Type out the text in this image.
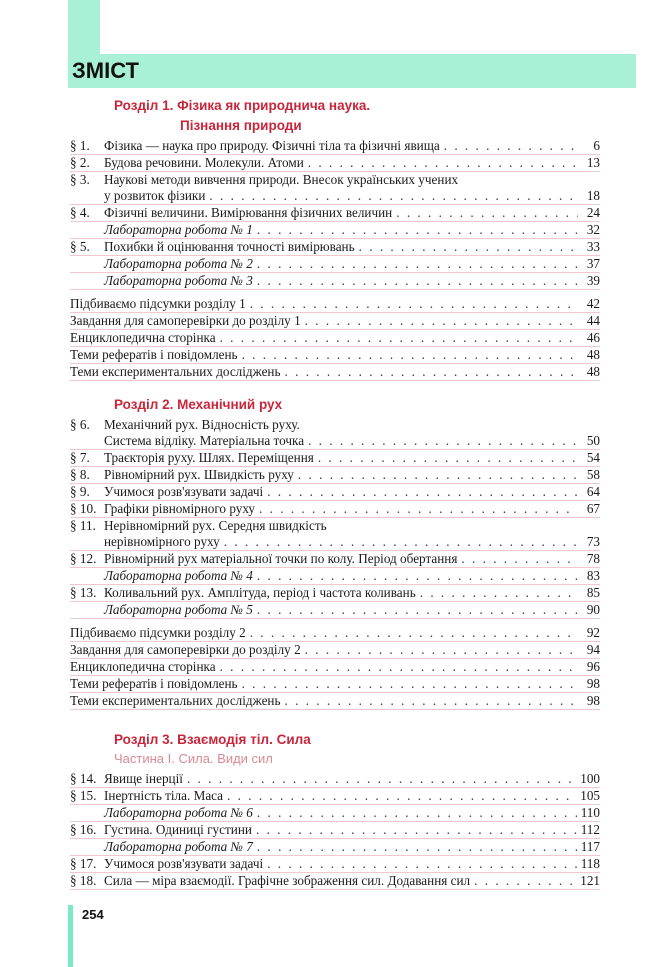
ЗМІСТ
Розділ 1. Фізика як природнича наука.
Пізнання природи
§ 1.	Фізика — наука про природу. Фізичні тіла та фізичні явища . . .	6
§ 2.	Будова речовини. Молекули. Атоми . . .	13
§ 3.	Наукові методи вивчення природи. Внесок українських учених
у розвиток фізики . . .	18
§ 4.	Фізичні величини. Вимірювання фізичних величин . . .	24
Лабораторна робота № 1 . . .	32
§ 5.	Похибки й оцінювання точності вимірювань . . .	33
Лабораторна робота № 2 . . .	37
Лабораторна робота № 3 . . .	39
Підбиваємо підсумки розділу 1 . . .	42
Завдання для самоперевірки до розділу 1 . . .	44
Енциклопедична сторінка . . .	46
Теми рефератів і повідомлень . . .	48
Теми експериментальних досліджень . . .	48
Розділ 2. Механічний рух
§ 6.	Механічний рух. Відносність руху.
Система відліку. Матеріальна точка . . .	50
§ 7.	Траєкторія руху. Шлях. Переміщення . . .	54
§ 8.	Рівномірний рух. Швидкість руху . . .	58
§ 9.	Учимося розв'язувати задачі . . .	64
§ 10. Графіки рівномірного руху . . .	67
§ 11. Нерівномірний рух. Середня швидкість
нерівномірного руху . . .	73
§ 12. Рівномірний рух матеріальної точки по колу. Період обертання . . .	78
Лабораторна робота № 4 . . .	83
§ 13. Коливальний рух. Амплітуда, період і частота коливань . . .	85
Лабораторна робота № 5 . . .	90
Підбиваємо підсумки розділу 2 . . .	92
Завдання для самоперевірки до розділу 2 . . .	94
Енциклопедична сторінка . . .	96
Теми рефератів і повідомлень . . .	98
Теми експериментальних досліджень . . .	98
Розділ 3. Взаємодія тіл. Сила
Частина І. Сила. Види сил
§ 14. Явище інерції . . .	100
§ 15. Інертність тіла. Маса . . .	105
Лабораторна робота № 6 . . .	110
§ 16. Густина. Одиниці густини . . .	112
Лабораторна робота № 7 . . .	117
§ 17. Учимося розв'язувати задачі . . .	118
§ 18. Сила — міра взаємодії. Графічне зображення сил. Додавання сил . . .	121
254
